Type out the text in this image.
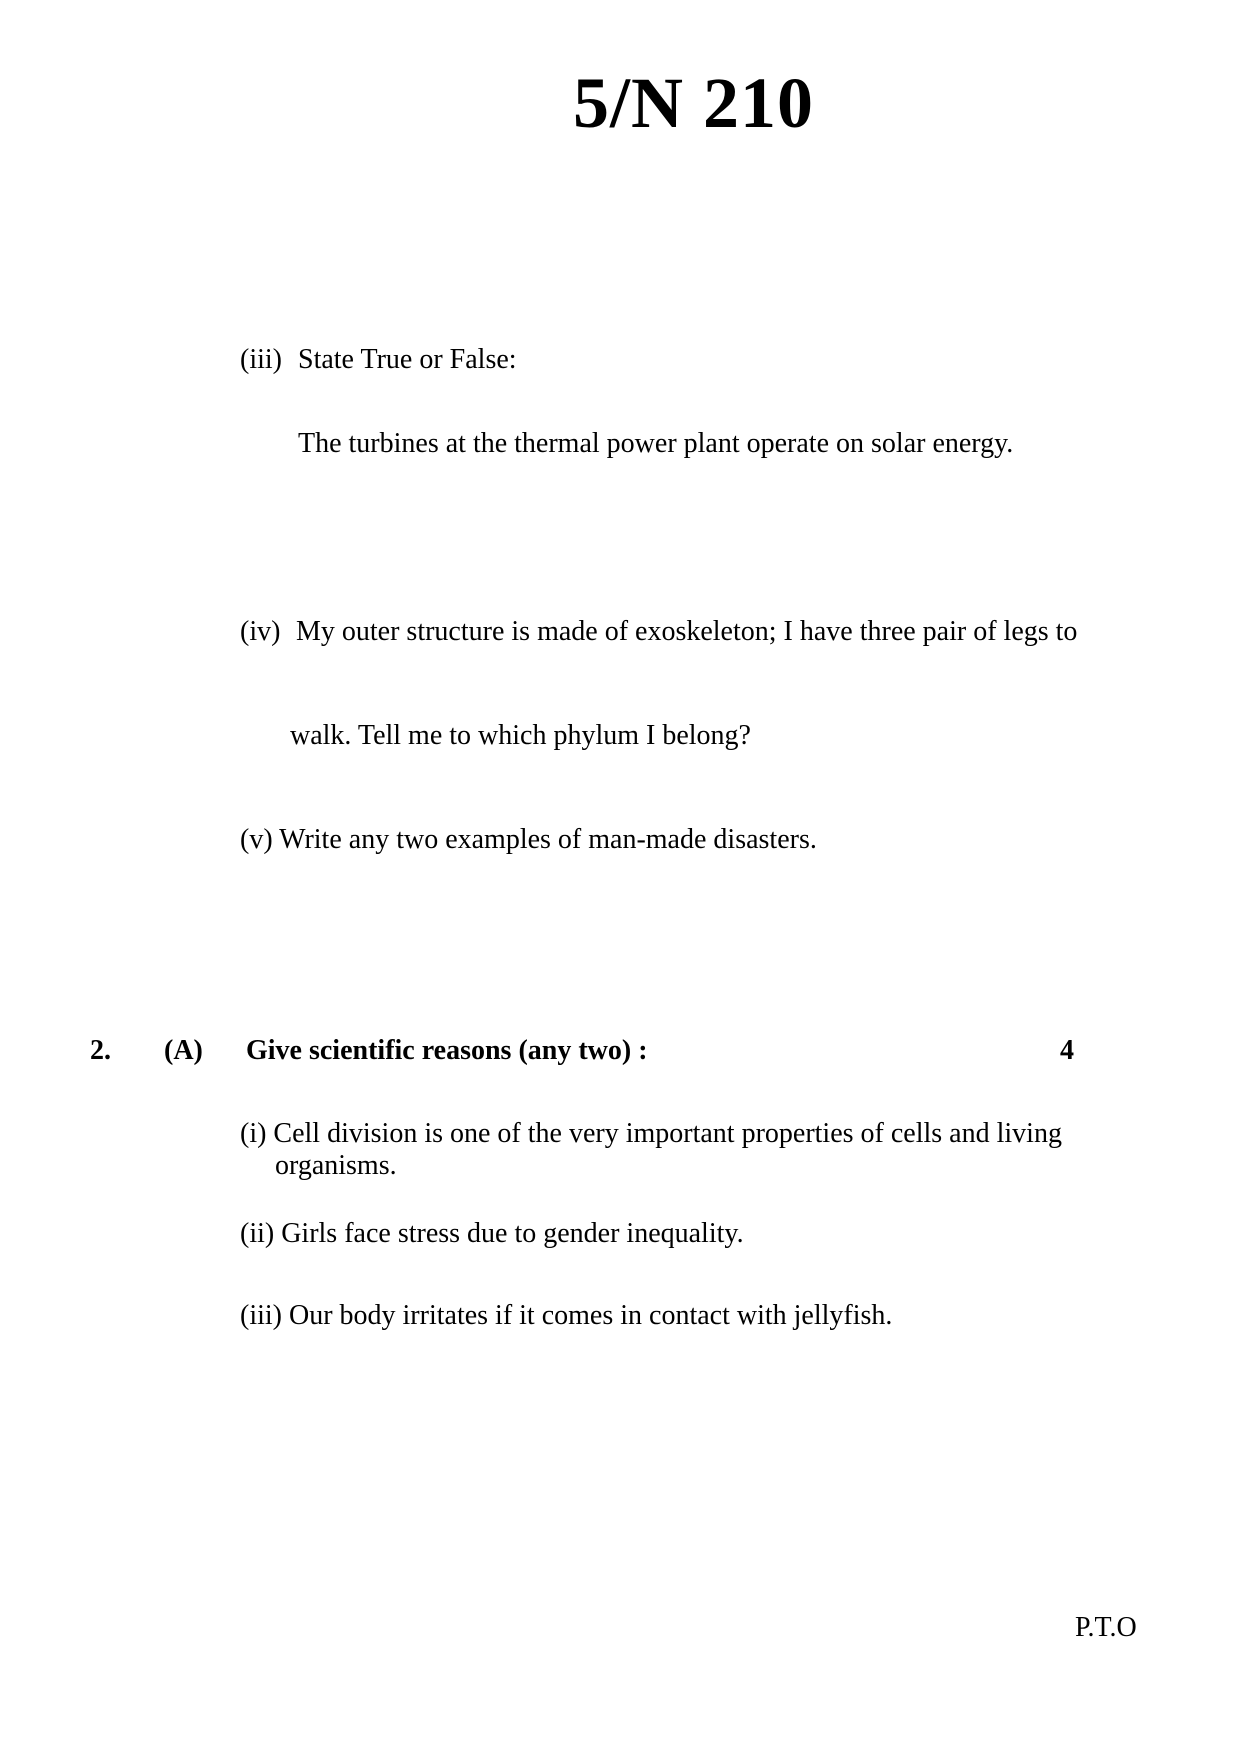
5/N 210
(iii) State True or False:
The turbines at the thermal power plant operate on solar energy.
(iv) My outer structure is made of exoskeleton; I have three pair of legs to
walk. Tell me to which phylum I belong?
(v) Write any two examples of man-made disasters.
2. (A) Give scientific reasons (any two) :	4
(i) Cell division is one of the very important properties of cells and living
organisms.
(ii) Girls face stress due to gender inequality.
(iii) Our body irritates if it comes in contact with jellyfish.
P.T.O
